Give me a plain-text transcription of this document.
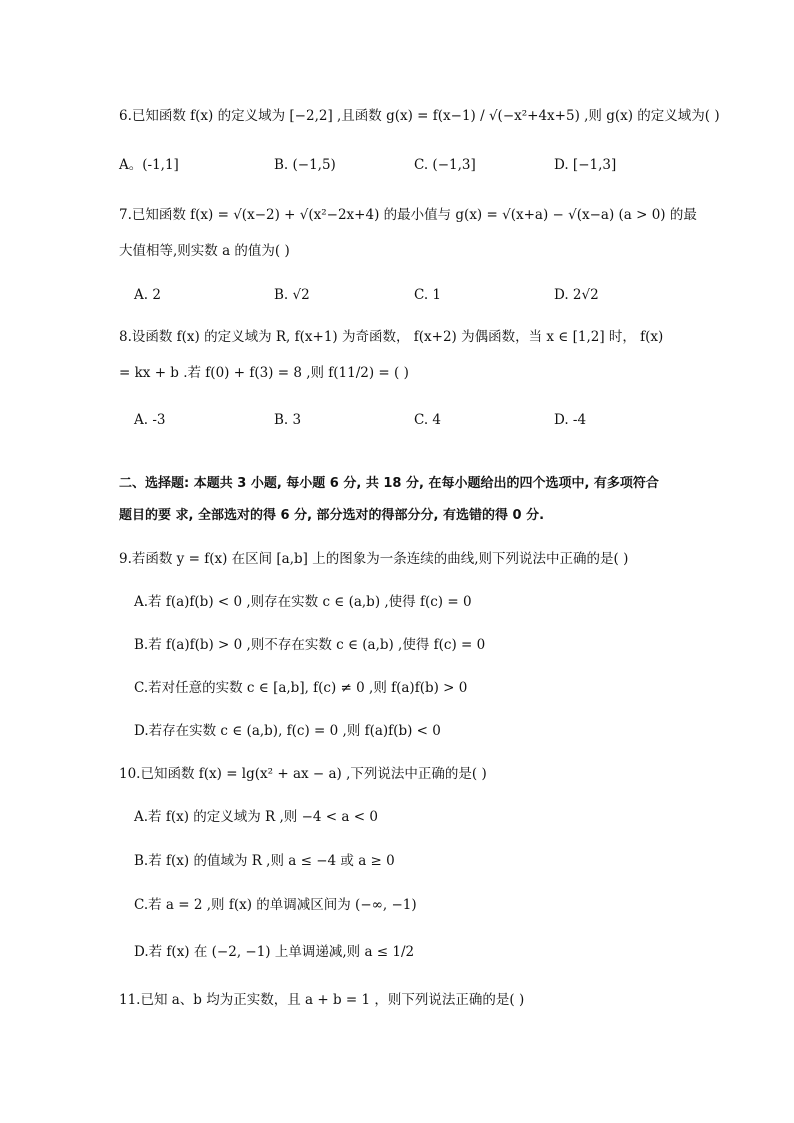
6.已知函数 f(x) 的定义域为 [−2,2] ,且函数 g(x) = f(x−1) / √(−x²+4x+5) ,则 g(x) 的定义域为( )
A。(-1,1]	B. (−1,5)	C. (−1,3]	D. [−1,3]
7.已知函数 f(x) = √(x−2) + √(x²−2x+4) 的最小值与 g(x) = √(x+a) − √(x−a) (a > 0) 的最
大值相等,则实数 a 的值为( )
A. 2	B. √2	C. 1	D. 2√2
8.设函数 f(x) 的定义域为 R, f(x+1) 为奇函数， f(x+2) 为偶函数，当 x ∈ [1,2] 时， f(x)
= kx + b .若 f(0) + f(3) = 8 ,则 f(11/2) = ( )
A. -3	B. 3	C. 4	D. -4
二、选择题: 本题共 3 小题, 每小题 6 分, 共 18 分, 在每小题给出的四个选项中, 有多项符合
题目的要 求, 全部选对的得 6 分, 部分选对的得部分分, 有选错的得 0 分.
9.若函数 y = f(x) 在区间 [a,b] 上的图象为一条连续的曲线,则下列说法中正确的是( )
A.若 f(a)f(b) < 0 ,则存在实数 c ∈ (a,b) ,使得 f(c) = 0
B.若 f(a)f(b) > 0 ,则不存在实数 c ∈ (a,b) ,使得 f(c) = 0
C.若对任意的实数 c ∈ [a,b], f(c) ≠ 0 ,则 f(a)f(b) > 0
D.若存在实数 c ∈ (a,b), f(c) = 0 ,则 f(a)f(b) < 0
10.已知函数 f(x) = lg(x² + ax − a) ,下列说法中正确的是( )
A.若 f(x) 的定义域为 R ,则 −4 < a < 0
B.若 f(x) 的值域为 R ,则 a ≤ −4 或 a ≥ 0
C.若 a = 2 ,则 f(x) 的单调减区间为 (−∞, −1)
D.若 f(x) 在 (−2, −1) 上单调递减,则 a ≤ 1/2
11.已知 a、b 均为正实数，且 a + b = 1 ，则下列说法正确的是( )
